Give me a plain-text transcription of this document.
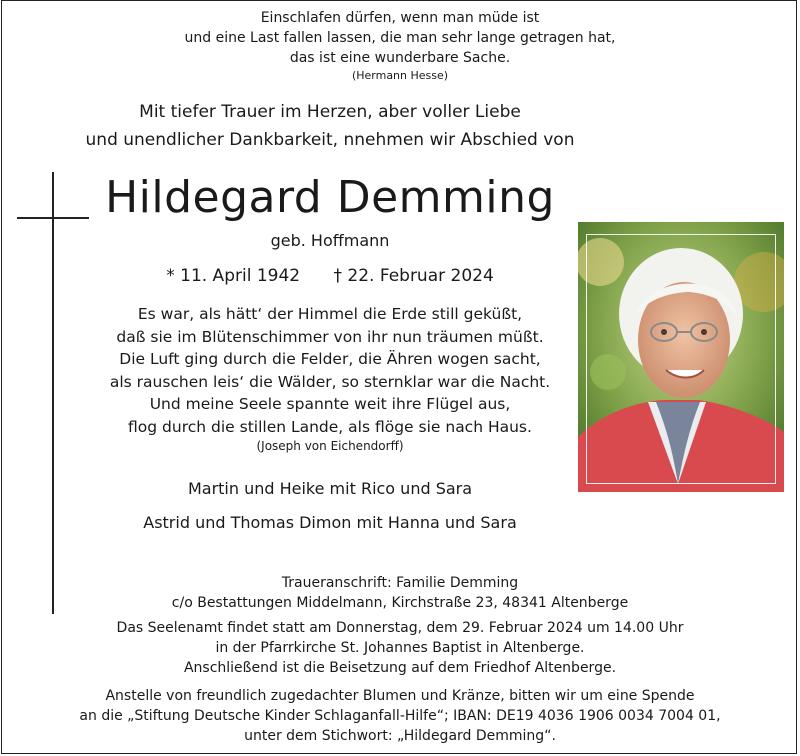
Einschlafen dürfen, wenn man müde ist
und eine Last fallen lassen, die man sehr lange getragen hat,
das ist eine wunderbare Sache.
(Hermann Hesse)
Mit tiefer Trauer im Herzen, aber voller Liebe
und unendlicher Dankbarkeit, nnehmen wir Abschied von
Hildegard Demming
geb. Hoffmann
* 11. April 1942 † 22. Februar 2024
Es war, als hätt‘ der Himmel die Erde still geküßt,
daß sie im Blütenschimmer von ihr nun träumen müßt.
Die Luft ging durch die Felder, die Ähren wogen sacht,
als rauschen leis‘ die Wälder, so sternklar war die Nacht.
Und meine Seele spannte weit ihre Flügel aus,
flog durch die stillen Lande, als flöge sie nach Haus.
(Joseph von Eichendorff)
Martin und Heike mit Rico und Sara
Astrid und Thomas Dimon mit Hanna und Sara
Traueranschrift: Familie Demming
c/o Bestattungen Middelmann, Kirchstraße 23, 48341 Altenberge
Das Seelenamt findet statt am Donnerstag, dem 29. Februar 2024 um 14.00 Uhr
in der Pfarrkirche St. Johannes Baptist in Altenberge.
Anschließend ist die Beisetzung auf dem Friedhof Altenberge.
Anstelle von freundlich zugedachter Blumen und Kränze, bitten wir um eine Spende
an die „Stiftung Deutsche Kinder Schlaganfall-Hilfe“; IBAN: DE19 4036 1906 0034 7004 01,
unter dem Stichwort: „Hildegard Demming“.
